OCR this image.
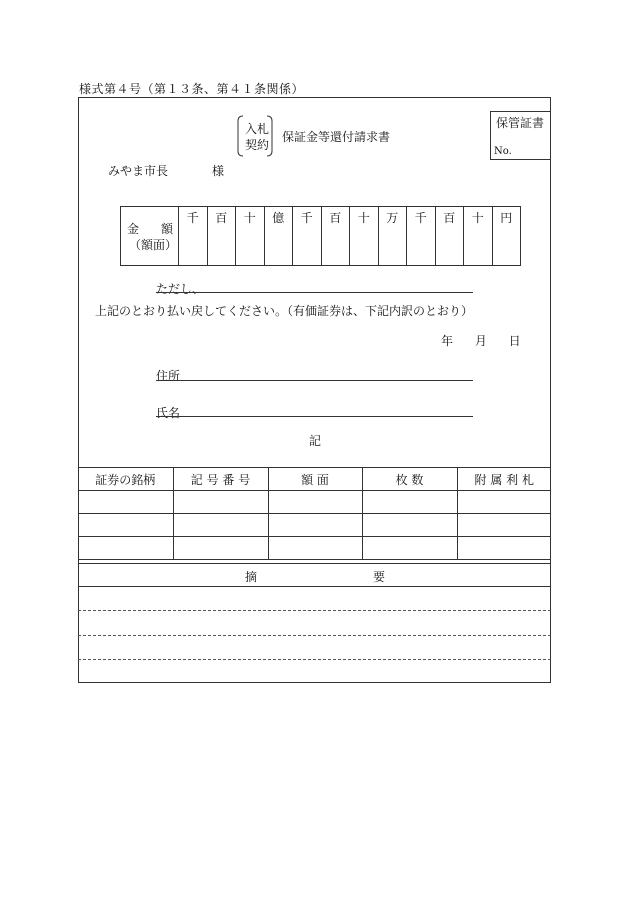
様式第４号（第１３条、第４１条関係）
入札
契約
保証金等還付請求書
保管証書
No.
みやま市長	様
金 額
（額面）
	千	百	十	億	千	百	十	万	千	百	十	円
ただし、
上記のとおり払い戻してください。（有価証券は、下記内訳のとおり）
年 月 日
住所
氏名
記
証券の銘柄	記 号 番 号	額 面	枚 数	附 属 利 札

摘	要
